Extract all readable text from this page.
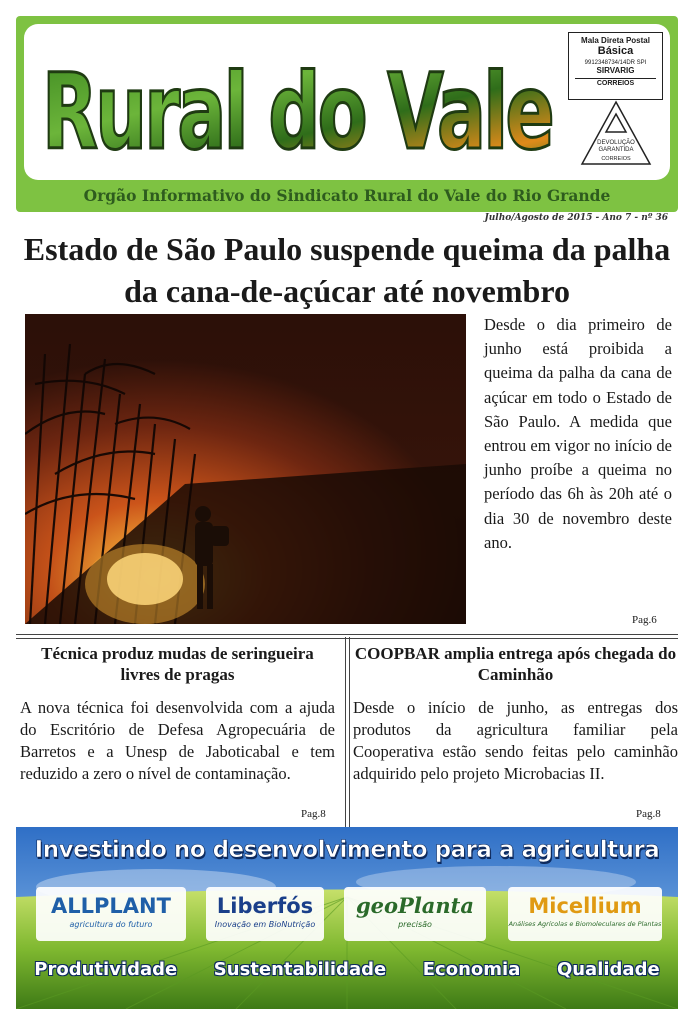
Rural do Vale
Mala Direta Postal
Básica
9912348734/14DR SPI
SIRVARIG
CORREIOS
DEVOLUÇÃO
GARANTIDA
CORREIOS
Orgão Informativo do Sindicato Rural do Vale do Rio Grande
Julho/Agosto de 2015 - Ano 7 - nº 36
Estado de São Paulo suspende queima da palha da cana-de-açúcar até novembro
Desde o dia primeiro de junho está proibida a queima da palha da cana de açúcar em todo o Estado de São Paulo. A medida que entrou em vigor no início de junho proíbe a queima no período das 6h às 20h até o dia 30 de novembro deste ano.
Pag.6
Técnica produz mudas de seringueira livres de pragas
A nova técnica foi desenvolvida com a ajuda do Escritório de Defesa Agropecuária de Barretos e a Unesp de Jaboticabal e tem reduzido a zero o nível de contaminação.
Pag.8
COOPBAR amplia entrega após chegada do Caminhão
Desde o início de junho, as entregas dos produtos da agricultura familiar pela Cooperativa estão sendo feitas pelo caminhão adquirido pelo projeto Microbacias II.
Pag.8
Investindo no desenvolvimento para a agricultura
ALLPLANT
agricultura do futuro
Liberfós
Inovação em BioNutrição
geoPlanta
precisão
Micellium
Análises Agrícolas e Biomoleculares de Plantas
Produtividade Sustentabilidade Economia Qualidade
